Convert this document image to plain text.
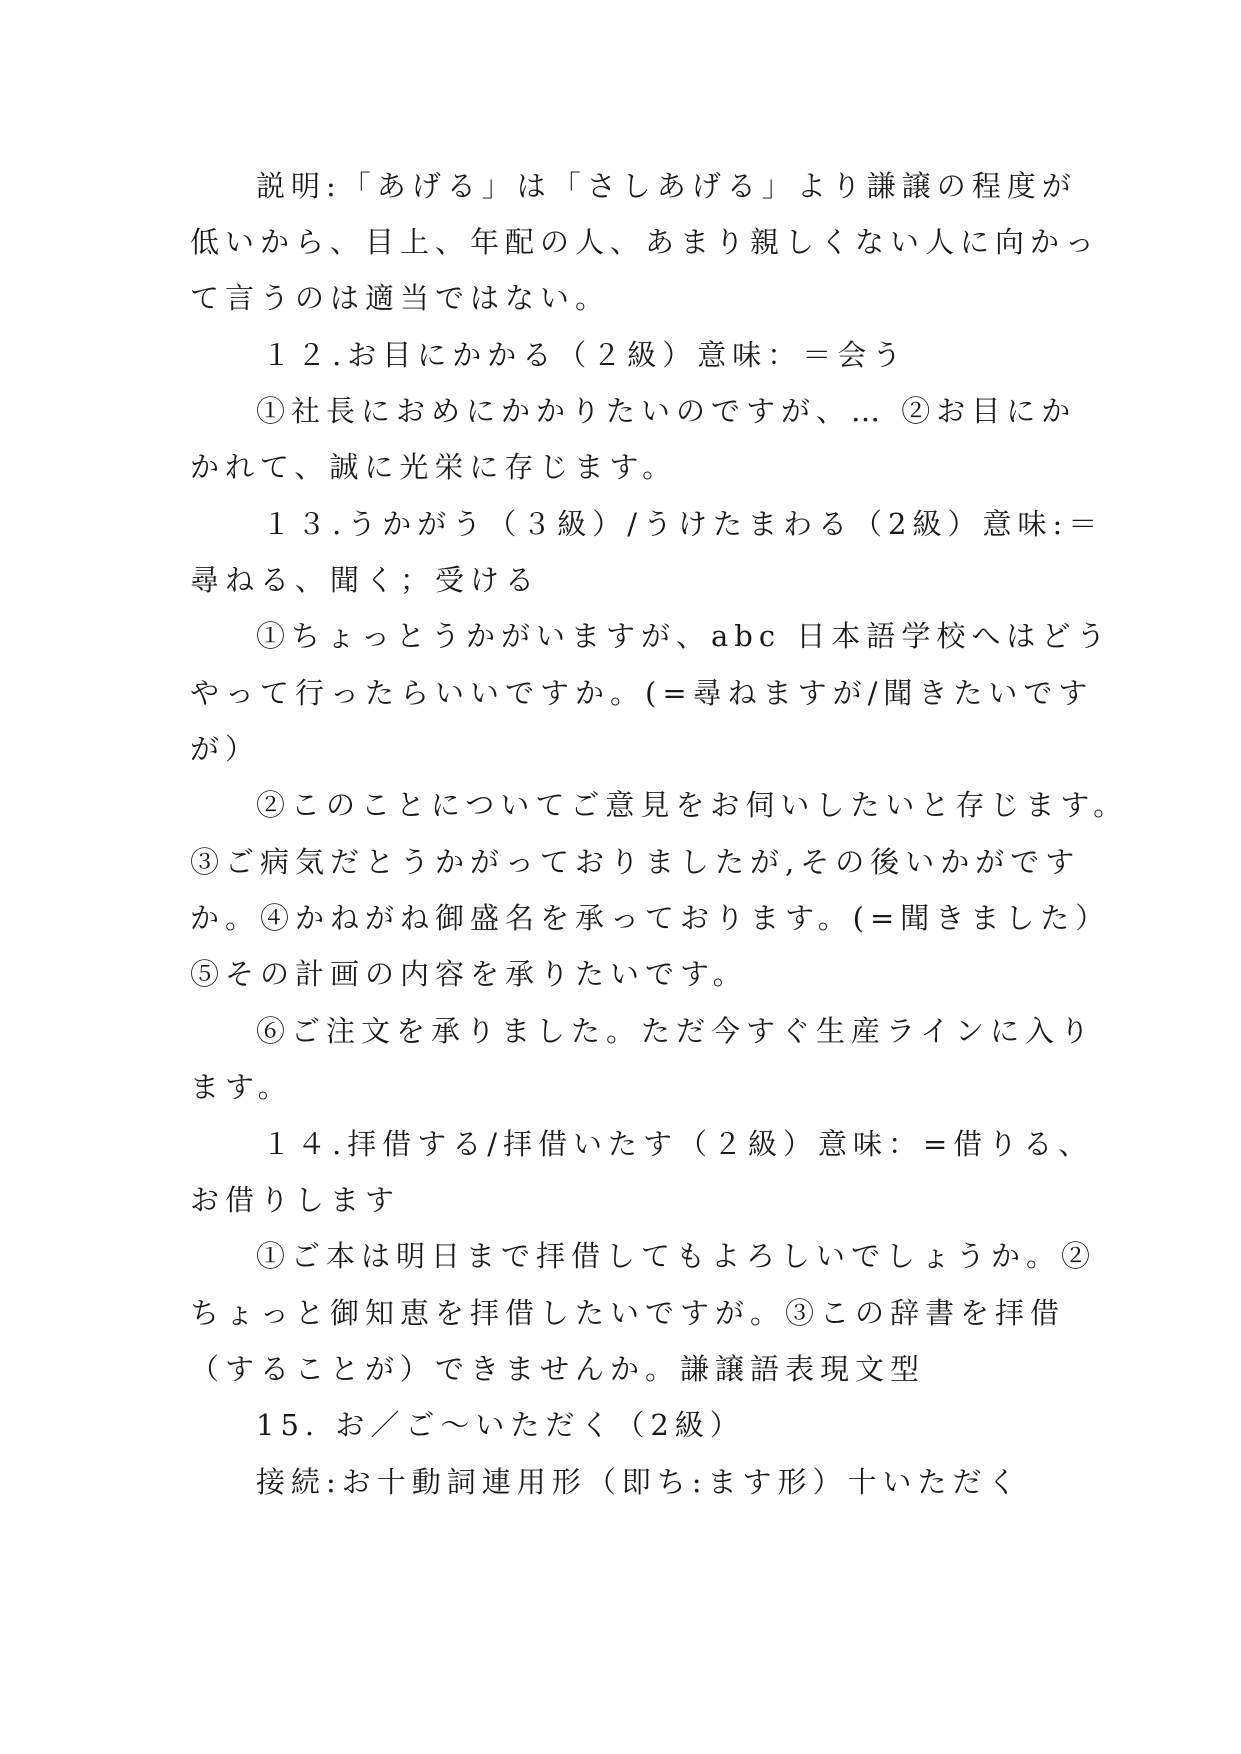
説明:「あげる」は「さしあげる」より謙譲の程度が
低いから、目上、年配の人、あまり親しくない人に向かっ
て言うのは適当ではない。
１２.お目にかかる（２級）意味：＝会う
①社長におめにかかりたいのですが、… ②お目にか
かれて、誠に光栄に存じます。
１３.うかがう（３級）/うけたまわる（2級）意味:＝
尋ねる、聞く；受ける
①ちょっとうかがいますが、abc 日本語学校へはどう
やって行ったらいいですか。(=尋ねますが/聞きたいです
が）
②このことについてご意見をお伺いしたいと存じます。
③ご病気だとうかがっておりましたが,その後いかがです
か。④かねがね御盛名を承っております。(=聞きました）
⑤その計画の内容を承りたいです。
⑥ご注文を承りました。ただ今すぐ生産ラインに入り
ます。
１４.拝借する/拝借いたす（２級）意味：=借りる、
お借りします
①ご本は明日まで拝借してもよろしいでしょうか。②
ちょっと御知恵を拝借したいですが。③この辞書を拝借
（することが）できませんか。謙譲語表現文型
15. お／ご～いただく（2級）
接続:お十動詞連用形（即ち:ます形）十いただく
